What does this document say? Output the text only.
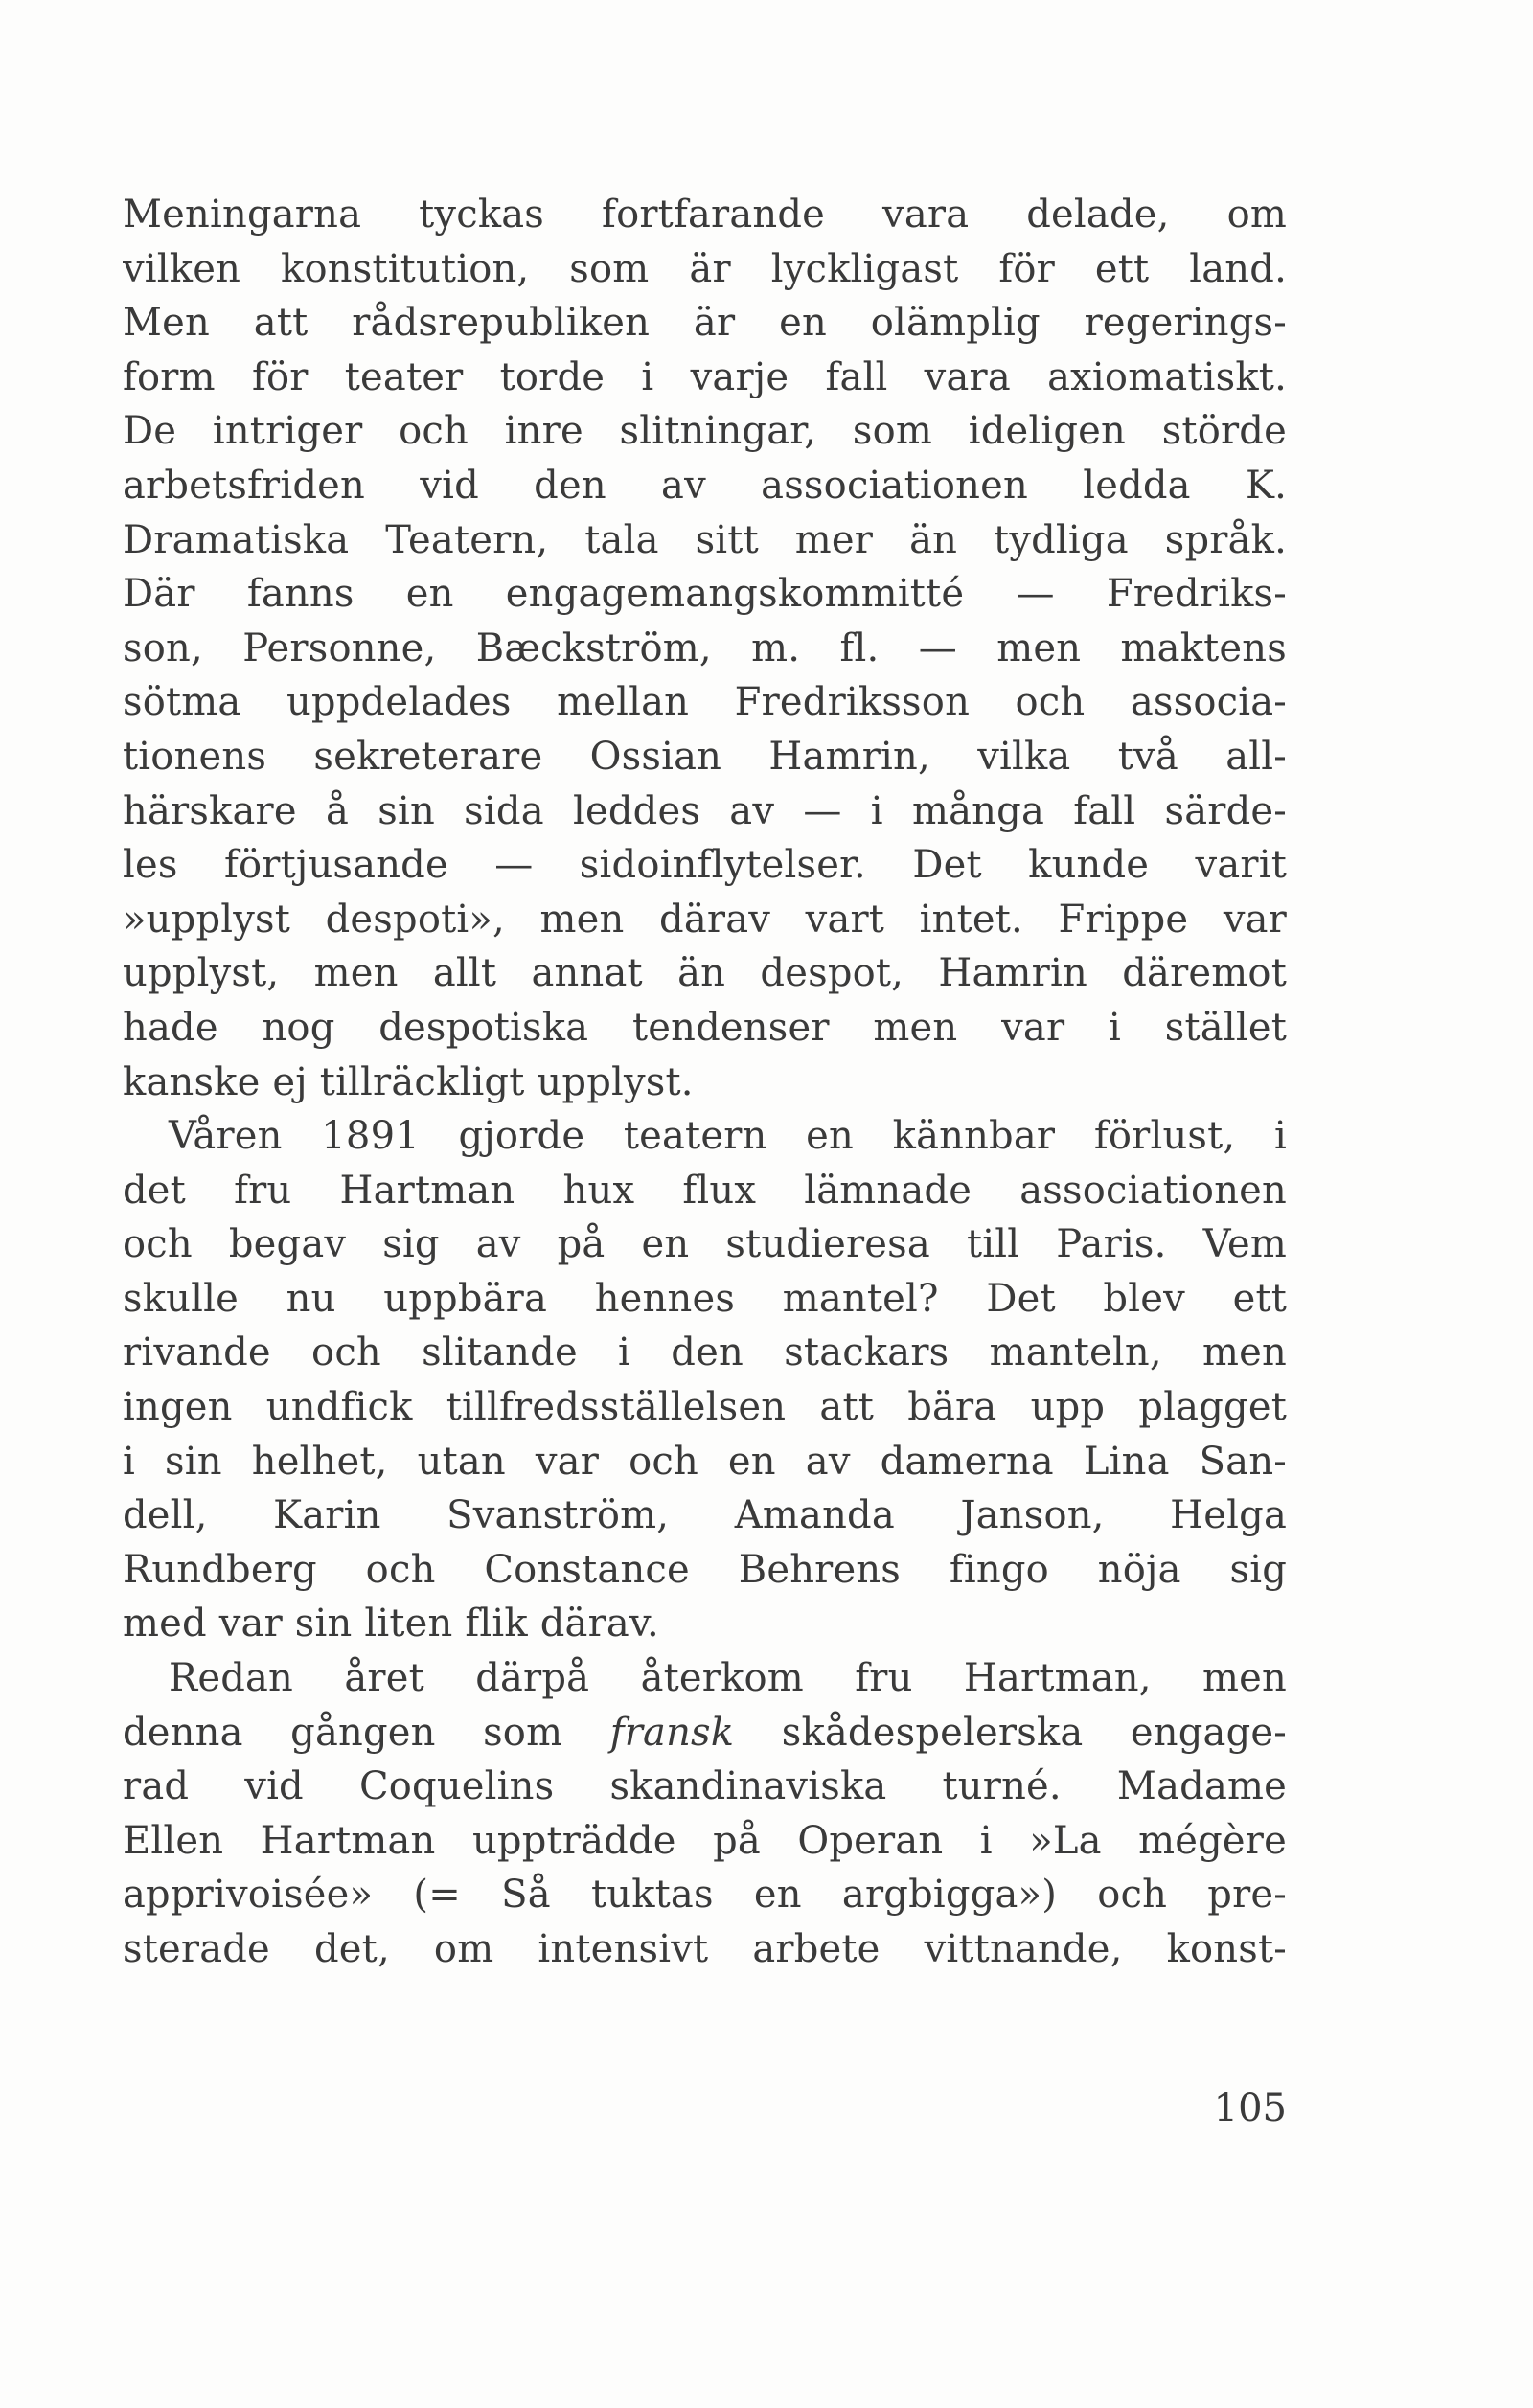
Meningarna tyckas fortfarande vara delade, om
vilken konstitution, som är lyckligast för ett land.
Men att rådsrepubliken är en olämplig regerings-
form för teater torde i varje fall vara axiomatiskt.
De intriger och inre slitningar, som ideligen störde
arbetsfriden vid den av associationen ledda K.
Dramatiska Teatern, tala sitt mer än tydliga språk.
Där fanns en engagemangskommitté — Fredriks-
son, Personne, Bæckström, m. fl. — men maktens
sötma uppdelades mellan Fredriksson och associa-
tionens sekreterare Ossian Hamrin, vilka två all-
härskare å sin sida leddes av — i många fall särde-
les förtjusande — sidoinflytelser. Det kunde varit
»upplyst despoti», men därav vart intet. Frippe var
upplyst, men allt annat än despot, Hamrin däremot
hade nog despotiska tendenser men var i stället
kanske ej tillräckligt upplyst.
Våren 1891 gjorde teatern en kännbar förlust, i
det fru Hartman hux flux lämnade associationen
och begav sig av på en studieresa till Paris. Vem
skulle nu uppbära hennes mantel? Det blev ett
rivande och slitande i den stackars manteln, men
ingen undfick tillfredsställelsen att bära upp plagget
i sin helhet, utan var och en av damerna Lina San-
dell, Karin Svanström, Amanda Janson, Helga
Rundberg och Constance Behrens fingo nöja sig
med var sin liten flik därav.
Redan året därpå återkom fru Hartman, men
denna gången som fransk skådespelerska engage-
rad vid Coquelins skandinaviska turné. Madame
Ellen Hartman uppträdde på Operan i »La mégère
apprivoisée» (= Så tuktas en argbigga») och pre-
sterade det, om intensivt arbete vittnande, konst-
105
